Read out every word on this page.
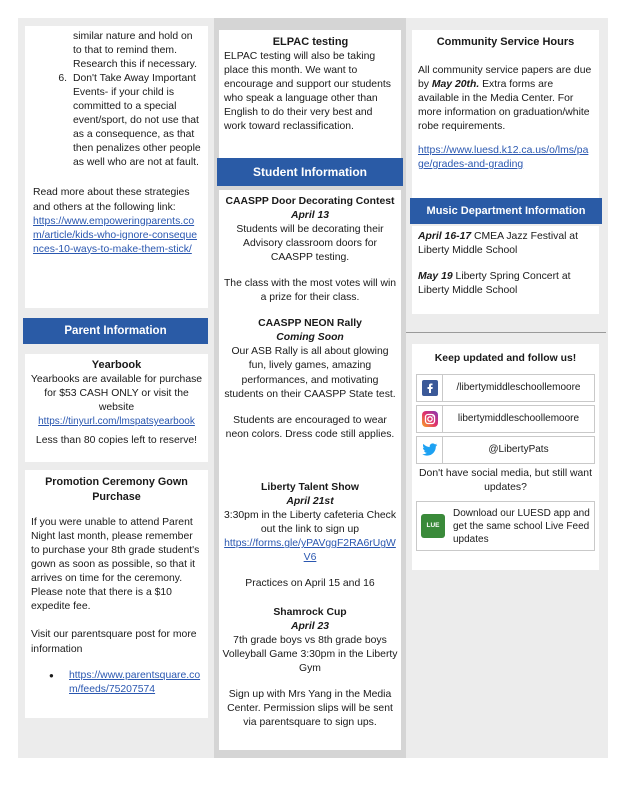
similar nature and hold on to that to remind them. Research this if necessary.

6. Don't Take Away Important Events- if your child is committed to a special event/sport, do not use that as a consequence, as that then penalizes other people as well who are not at fault.

Read more about these strategies and others at the following link:

https://www.empoweringparents.com/article/kids-who-ignore-consequences-10-ways-to-make-them-stick/

Parent Information

Yearbook

Yearbooks are available for purchase for $53 CASH ONLY or visit the website

https://tinyurl.com/lmspatsyearbook

Less than 80 copies left to reserve!

Promotion Ceremony Gown Purchase

If you were unable to attend Parent Night last month, please remember to purchase your 8th grade student's gown as soon as possible, so that it arrives on time for the ceremony. Please note that there is a $10 expedite fee.

Visit our parentsquare post for more information

●	https://www.parentsquare.com/feeds/75207574

ELPAC testing

ELPAC testing will also be taking place this month. We want to encourage and support our students who speak a language other than English to do their very best and work toward reclassification.

Student Information

CAASPP Door Decorating Contest

April 13

Students will be decorating their Advisory classroom doors for CAASPP testing.

The class with the most votes will win a prize for their class.

CAASPP NEON Rally

Coming Soon

Our ASB Rally is all about glowing fun, lively games, amazing performances, and motivating students on their CAASPP State test.

Students are encouraged to wear neon colors. Dress code still applies.

Liberty Talent Show

April 21st

3:30pm in the Liberty cafeteria Check out the link to sign up

https://forms.gle/yPAVggF2RA6rUgWV6

Practices on April 15 and 16

Shamrock Cup

April 23

7th grade boys vs 8th grade boys Volleyball Game 3:30pm in the Liberty Gym

Sign up with Mrs Yang in the Media Center. Permission slips will be sent via parentsquare to sign ups.

Community Service Hours

All community service papers are due by May 20th. Extra forms are available in the Media Center. For more information on graduation/white robe requirements.

https://www.luesd.k12.ca.us/o/lms/page/grades-and-grading

Music Department Information

April 16-17 CMEA Jazz Festival at Liberty Middle School

May 19 Liberty Spring Concert at Liberty Middle School

Keep updated and follow us!

/libertymiddleschoollemoore
libertymiddleschoollemoore
@LibertyPats

Don't have social media, but still want updates?

LUE
Download our LUESD app and get the same school Live Feed updates
